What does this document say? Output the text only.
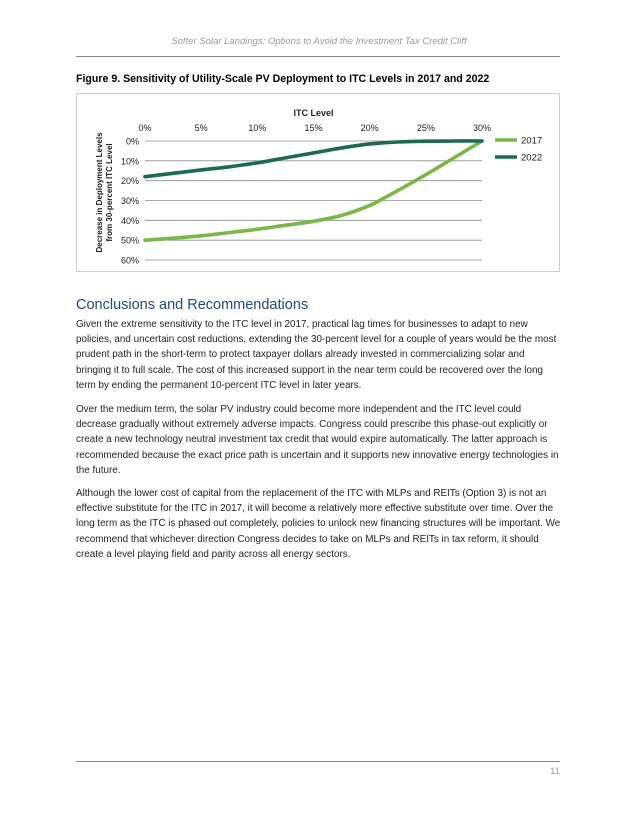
Softer Solar Landings: Options to Avoid the Investment Tax Credit Cliff
Figure 9. Sensitivity of Utility-Scale PV Deployment to ITC Levels in 2017 and 2022
0%
10%
20%
30%
40%
50%
60%
0%	5%	10%	15%	20%	25%	30%
ITC Level
Decrease in Deployment Levels from 30-percent ITC Level
2017
2022
Conclusions and Recommendations
Given the extreme sensitivity to the ITC level in 2017, practical lag times for businesses to adapt to new policies, and uncertain cost reductions, extending the 30-percent level for a couple of years would be the most prudent path in the short-term to protect taxpayer dollars already invested in commercializing solar and bringing it to full scale. The cost of this increased support in the near term could be recovered over the long term by ending the permanent 10-percent ITC level in later years.
Over the medium term, the solar PV industry could become more independent and the ITC level could decrease gradually without extremely adverse impacts. Congress could prescribe this phase-out explicitly or create a new technology neutral investment tax credit that would expire automatically. The latter approach is recommended because the exact price path is uncertain and it supports new innovative energy technologies in the future.
Although the lower cost of capital from the replacement of the ITC with MLPs and REITs (Option 3) is not an effective substitute for the ITC in 2017, it will become a relatively more effective substitute over time. Over the long term as the ITC is phased out completely, policies to unlock new financing structures will be important. We recommend that whichever direction Congress decides to take on MLPs and REITs in tax reform, it should create a level playing field and parity across all energy sectors.
11
